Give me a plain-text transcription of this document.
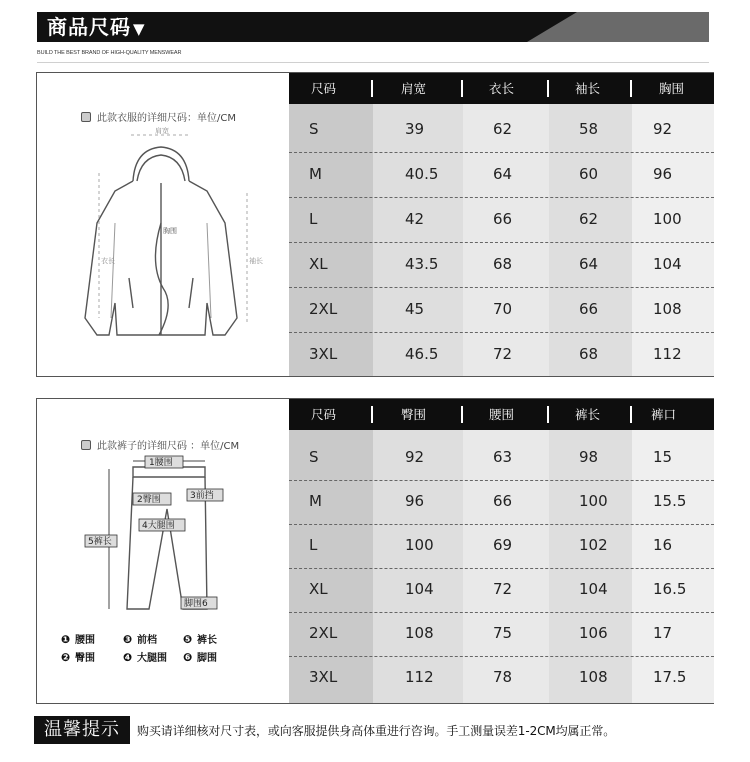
商品尺码 ▼
BUILD THE BEST BRAND OF HIGH-QUALITY MENSWEAR
此款衣服的详细尺码：单位/CM
肩宽
胸围
衣长	袖长
尺码	肩宽	衣长	袖长	胸围
S	39	62	58	92
M	40.5	64	60	96
L	42	66	62	100
XL	43.5	68	64	104
2XL	45	70	66	108
3XL	46.5	72	68	112
此款裤子的详细尺码 ：单位/CM
1腰围
2臀围	3前挡
4大腿围
5裤长
脚围6
❶ 腰围	❸ 前档 ❺ 裤长
❷ 臀围	❹ 大腿围 ❻ 脚围
尺码	臀围	腰围	裤长	裤口
S	92	63	98	15
M	96	66	100	15.5
L	100	69	102	16
XL	104	72	104	16.5
2XL	108	75	106	17
3XL	112	78	108	17.5
温馨提示	购买请详细核对尺寸表，或向客服提供身高体重进行咨询。手工测量误差1-2CM均属正常。
